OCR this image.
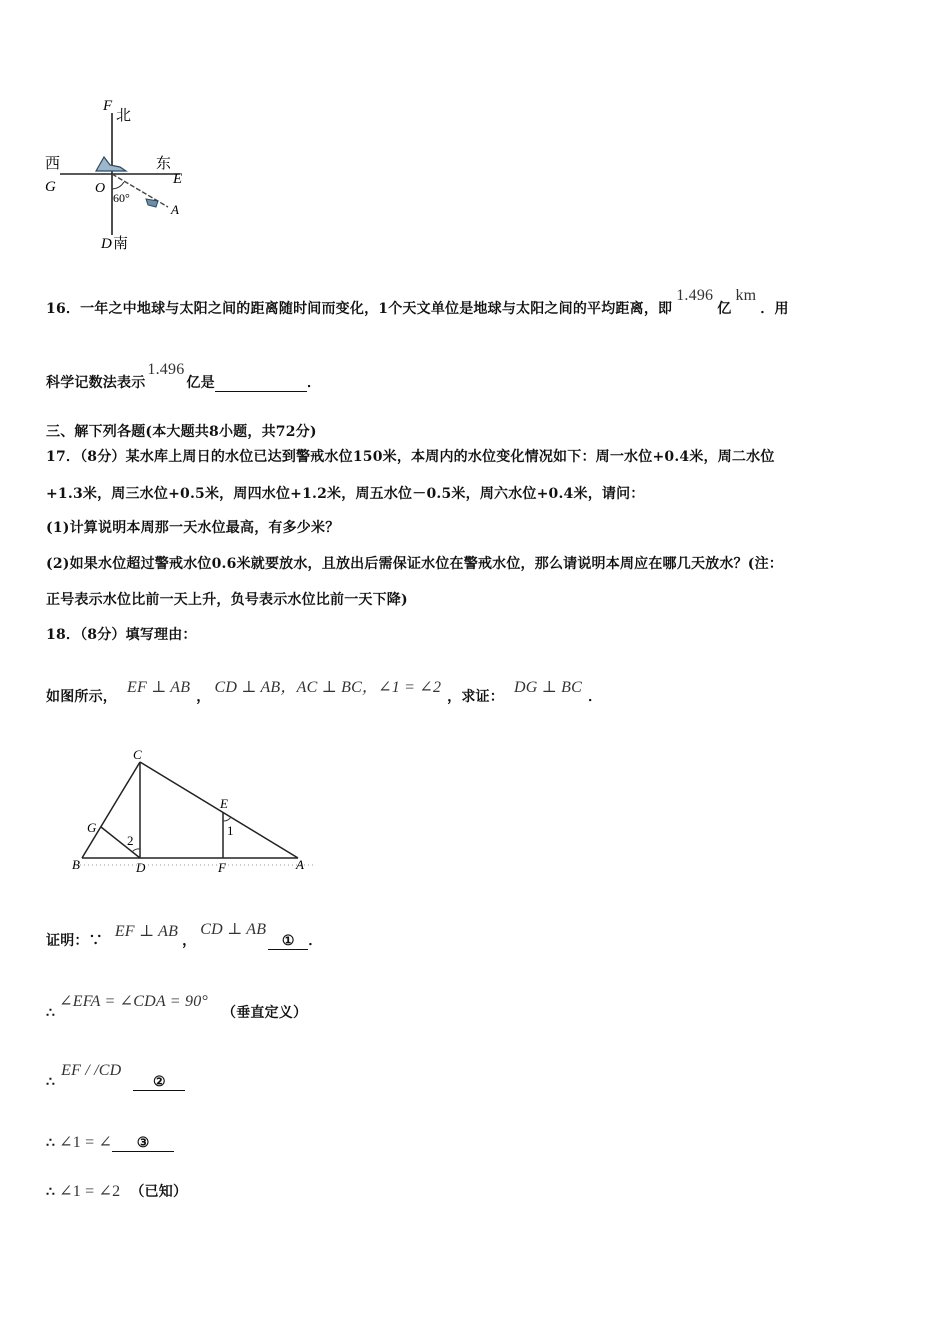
F
北
西
G
东
E
O
60°
A
D 南
16．一年之中地球与太阳之间的距离随时间而变化，1个天文单位是地球与太阳之间的平均距离，即1.496亿km．用
科学记数法表示1.496亿是	．
三、解下列各题(本大题共8小题，共72分)
17．（8分）某水库上周日的水位已达到警戒水位150米，本周内的水位变化情况如下：周一水位+0.4米，周二水位
+1.3米，周三水位+0.5米，周四水位+1.2米，周五水位－0.5米，周六水位+0.4米，请问：
(1)计算说明本周那一天水位最高，有多少米？
(2)如果水位超过警戒水位0.6米就要放水，且放出后需保证水位在警戒水位，那么请说明本周应在哪几天放水？(注：
正号表示水位比前一天上升，负号表示水位比前一天下降)
18．（8分）填写理由：
如图所示，EF ⊥ AB，CD ⊥ AB，AC ⊥ BC，∠1 = ∠2，求证：DG ⊥ BC．
C
E
G
2
1
B	D	F	A
证明：∵EF ⊥ AB，CD ⊥ AB① ．
∴∠EFA = ∠CDA = 90°（垂直定义）
∴EF / /CD②
∴ ∠1 = ∠ ③
∴ ∠1 = ∠2 （已知）
